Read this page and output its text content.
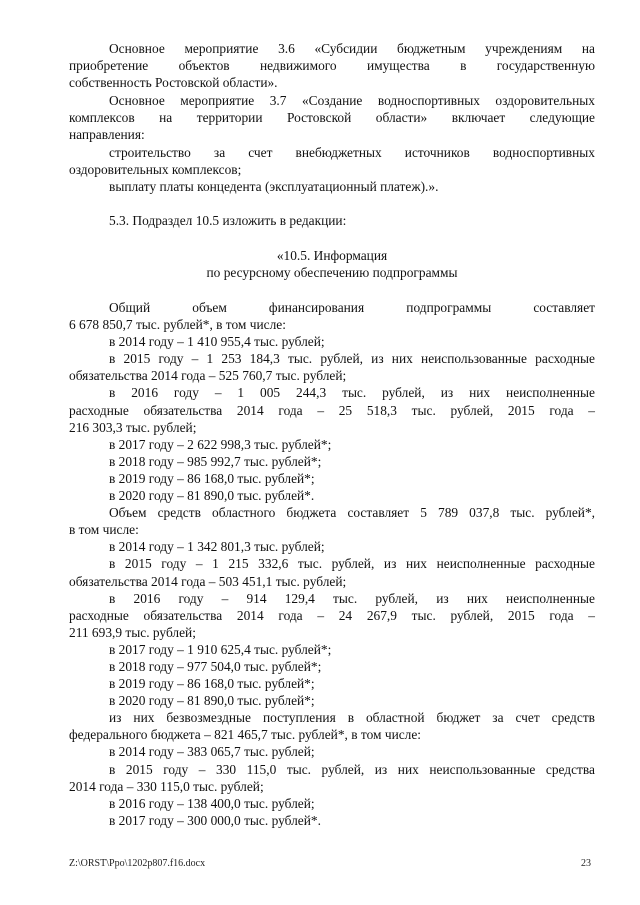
Основное мероприятие 3.6 «Субсидии бюджетным учреждениям на
приобретение объектов недвижимого имущества в государственную
собственность Ростовской области».
Основное мероприятие 3.7 «Создание водноспортивных оздоровительных
комплексов на территории Ростовской области» включает следующие
направления:
строительство за счет внебюджетных источников водноспортивных
оздоровительных комплексов;
выплату платы концедента (эксплуатационный платеж).».
5.3. Подраздел 10.5 изложить в редакции:
«10.5. Информация
по ресурсному обеспечению подпрограммы
Общий объем финансирования подпрограммы составляет
6 678 850,7 тыс. рублей*, в том числе:
в 2014 году – 1 410 955,4 тыс. рублей;
в 2015 году – 1 253 184,3 тыс. рублей, из них неиспользованные расходные
обязательства 2014 года – 525 760,7 тыс. рублей;
в 2016 году – 1 005 244,3 тыс. рублей, из них неисполненные
расходные обязательства 2014 года – 25 518,3 тыс. рублей, 2015 года –
216 303,3 тыс. рублей;
в 2017 году – 2 622 998,3 тыс. рублей*;
в 2018 году – 985 992,7 тыс. рублей*;
в 2019 году – 86 168,0 тыс. рублей*;
в 2020 году – 81 890,0 тыс. рублей*.
Объем средств областного бюджета составляет 5 789 037,8 тыс. рублей*,
в том числе:
в 2014 году – 1 342 801,3 тыс. рублей;
в 2015 году – 1 215 332,6 тыс. рублей, из них неисполненные расходные
обязательства 2014 года – 503 451,1 тыс. рублей;
в 2016 году – 914 129,4 тыс. рублей, из них неисполненные
расходные обязательства 2014 года – 24 267,9 тыс. рублей, 2015 года –
211 693,9 тыс. рублей;
в 2017 году – 1 910 625,4 тыс. рублей*;
в 2018 году – 977 504,0 тыс. рублей*;
в 2019 году – 86 168,0 тыс. рублей*;
в 2020 году – 81 890,0 тыс. рублей*;
из них безвозмездные поступления в областной бюджет за счет средств
федерального бюджета – 821 465,7 тыс. рублей*, в том числе:
в 2014 году – 383 065,7 тыс. рублей;
в 2015 году – 330 115,0 тыс. рублей, из них неиспользованные средства
2014 года – 330 115,0 тыс. рублей;
в 2016 году – 138 400,0 тыс. рублей;
в 2017 году – 300 000,0 тыс. рублей*.
Z:\ORST\Ppo\1202p807.f16.docx	23
